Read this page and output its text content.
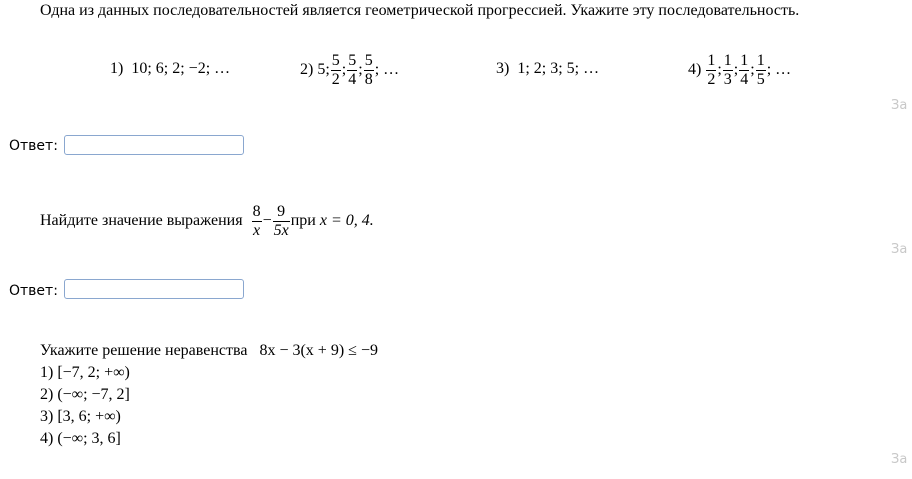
Одна из данных последовательностей является геометрической прогрессией. Укажите эту последовательность.
1) 10; 6; 2; −2; …	2)
5; $\frac{5}{2}$ ; $\frac{5}{4}$ ; $\frac{5}{8}$ ; …	3) 1; 2; 3; 5; …	4)
$\frac{1}{2}$ ; $\frac{1}{3}$ ; $\frac{1}{4}$ ; $\frac{1}{5}$ ; …
За
Ответ:
Найдите значение выражения
$\frac{8}{x} - \frac{9}{5x}$ при
x = 0, 4.
За
Ответ:
Укажите решение неравенства 8x − 3(x + 9) ≤ −9
1) [−7, 2; +∞)
2) (−∞; −7, 2]
3) [3, 6; +∞)
4) (−∞; 3, 6]
За
